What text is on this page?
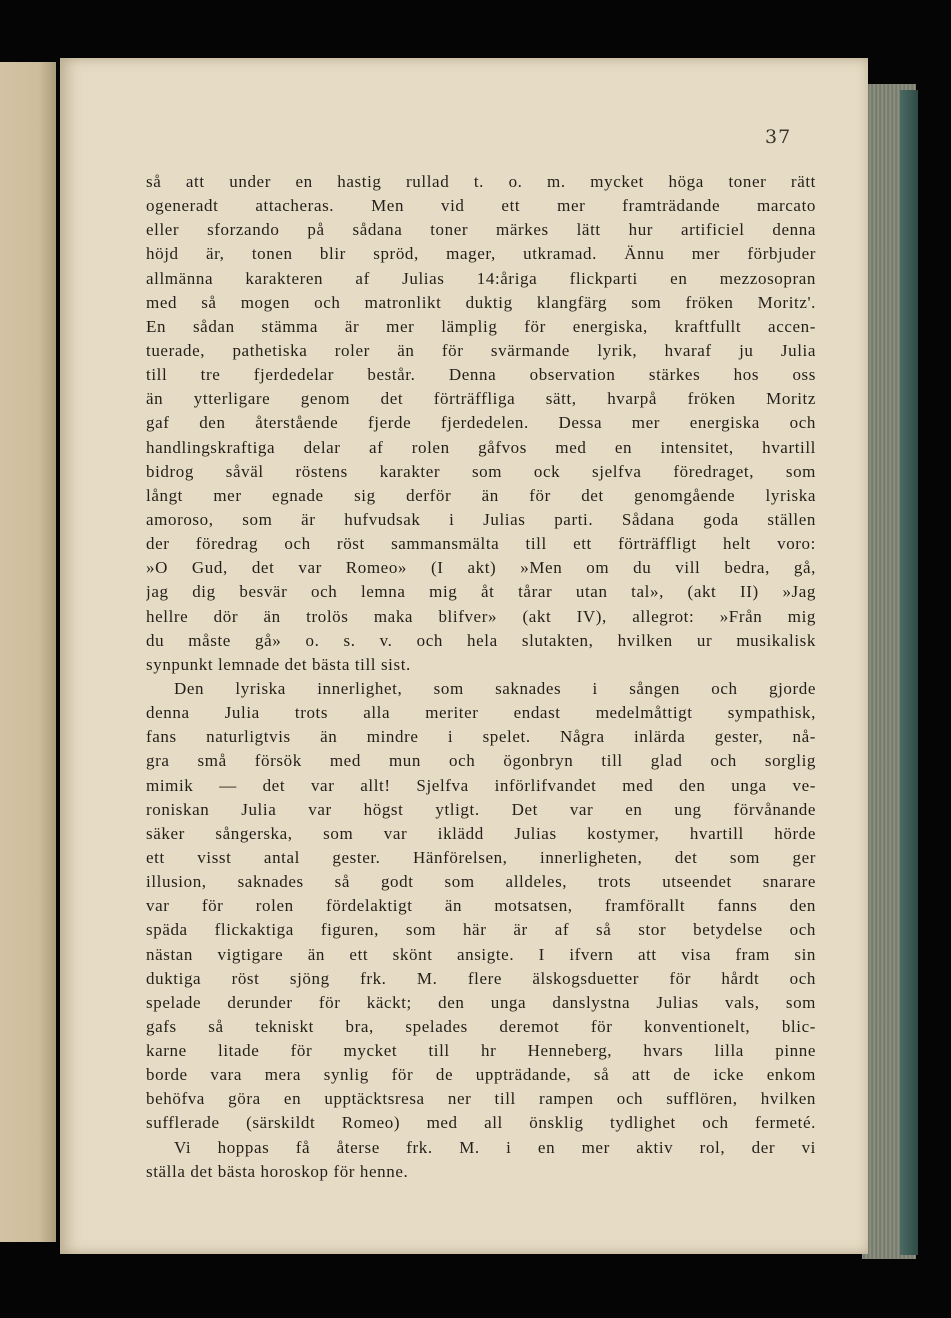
37
så att under en hastig rullad t. o. m. mycket höga toner rätt
ogeneradt attacheras. Men vid ett mer framträdande marcato
eller sforzando på sådana toner märkes lätt hur artificiel denna
höjd är, tonen blir spröd, mager, utkramad. Ännu mer förbjuder
allmänna karakteren af Julias 14:åriga flickparti en mezzosopran
med så mogen och matronlikt duktig klangfärg som fröken Moritz'.
En sådan stämma är mer lämplig för energiska, kraftfullt accen-
tuerade, pathetiska roler än för svärmande lyrik, hvaraf ju Julia
till tre fjerdedelar består. Denna observation stärkes hos oss
än ytterligare genom det förträffliga sätt, hvarpå fröken Moritz
gaf den återstående fjerde fjerdedelen. Dessa mer energiska och
handlingskraftiga delar af rolen gåfvos med en intensitet, hvartill
bidrog såväl röstens karakter som ock sjelfva föredraget, som
långt mer egnade sig derför än för det genomgående lyriska
amoroso, som är hufvudsak i Julias parti. Sådana goda ställen
der föredrag och röst sammansmälta till ett förträffligt helt voro:
»O Gud, det var Romeo» (I akt) »Men om du vill bedra, gå,
jag dig besvär och lemna mig åt tårar utan tal», (akt II) »Jag
hellre dör än trolös maka blifver» (akt IV), allegrot: »Från mig
du måste gå» o. s. v. och hela slutakten, hvilken ur musikalisk
synpunkt lemnade det bästa till sist.
Den lyriska innerlighet, som saknades i sången och gjorde
denna Julia trots alla meriter endast medelmåttigt sympathisk,
fans naturligtvis än mindre i spelet. Några inlärda gester, nå-
gra små försök med mun och ögonbryn till glad och sorglig
mimik — det var allt! Sjelfva införlifvandet med den unga ve-
roniskan Julia var högst ytligt. Det var en ung förvånande
säker sångerska, som var iklädd Julias kostymer, hvartill hörde
ett visst antal gester. Hänförelsen, innerligheten, det som ger
illusion, saknades så godt som alldeles, trots utseendet snarare
var för rolen fördelaktigt än motsatsen, framförallt fanns den
späda flickaktiga figuren, som här är af så stor betydelse och
nästan vigtigare än ett skönt ansigte. I ifvern att visa fram sin
duktiga röst sjöng frk. M. flere älskogsduetter för hårdt och
spelade derunder för käckt; den unga danslystna Julias vals, som
gafs så tekniskt bra, spelades deremot för konventionelt, blic-
karne litade för mycket till hr Henneberg, hvars lilla pinne
borde vara mera synlig för de uppträdande, så att de icke enkom
behöfva göra en upptäcktsresa ner till rampen och sufflören, hvilken
sufflerade (särskildt Romeo) med all önsklig tydlighet och fermeté.
Vi hoppas få återse frk. M. i en mer aktiv rol, der vi
ställa det bästa horoskop för henne.
